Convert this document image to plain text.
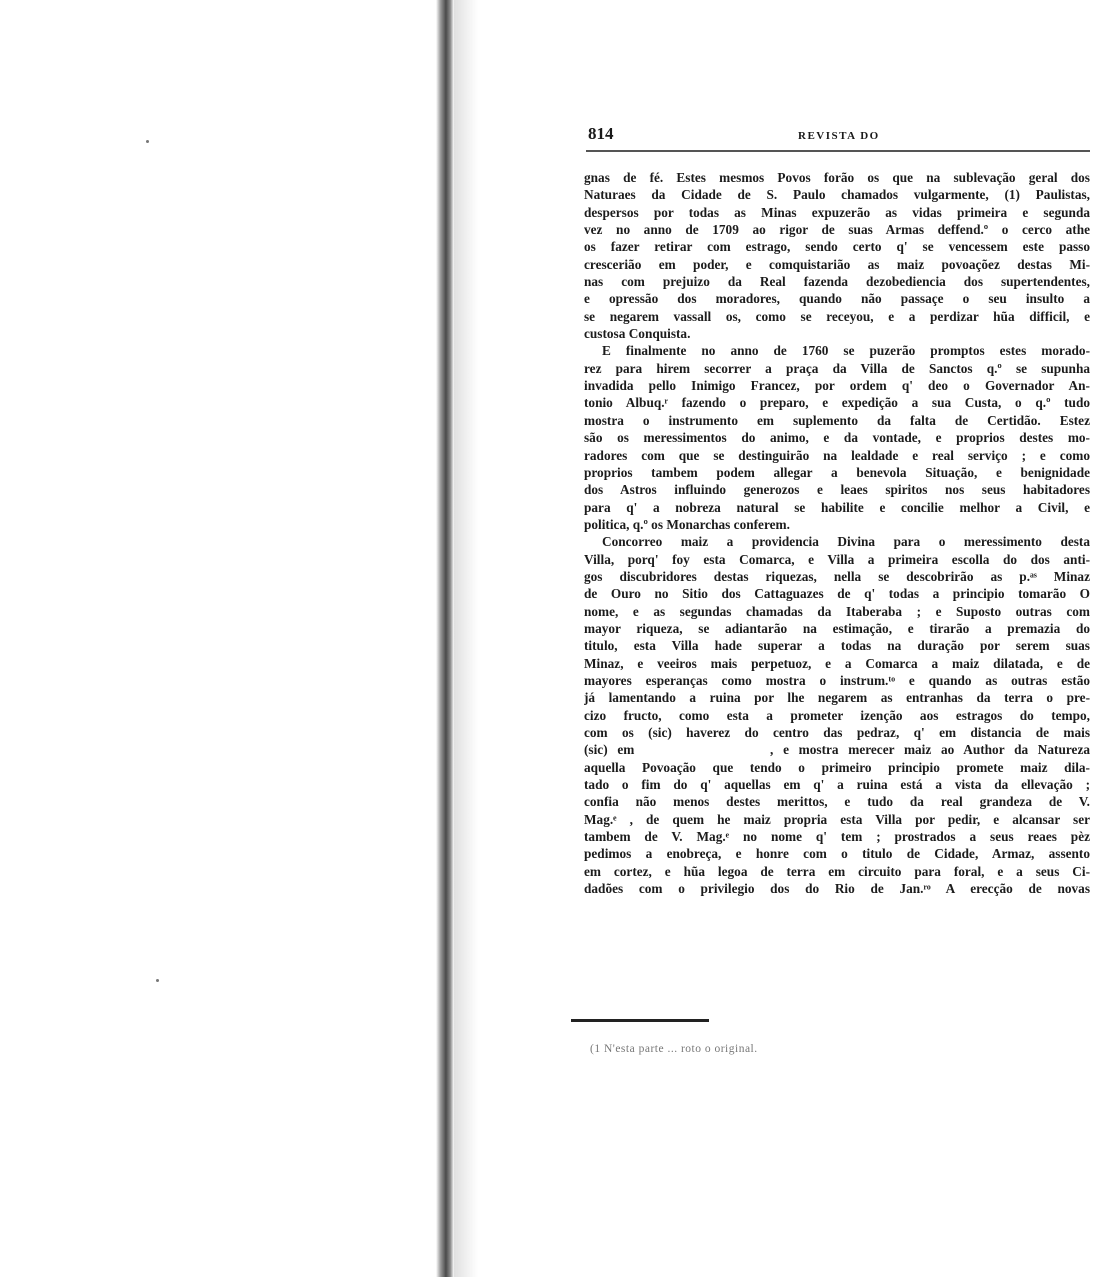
814	REVISTA DO
gnas de fé. Estes mesmos Povos forão os que na sublevação geral dos
Naturaes da Cidade de S. Paulo chamados vulgarmente, (1) Paulistas,
despersos por todas as Minas expuzerão as vidas primeira e segunda
vez no anno de 1709 ao rigor de suas Armas deffend.º o cerco athe
os fazer retirar com estrago, sendo certo q' se vencessem este passo
crescerião em poder, e comquistarião as maiz povoaçõez destas Mi-
nas com prejuizo da Real fazenda dezobediencia dos supertendentes,
e opressão dos moradores, quando não passaçe o seu insulto a
se negarem vassall os, como se receyou, e a perdizar hũa difficil, e
custosa Conquista.
E finalmente no anno de 1760 se puzerão promptos estes morado-
rez para hirem secorrer a praça da Villa de Sanctos q.º se supunha
invadida pello Inimigo Francez, por ordem q' deo o Governador An-
tonio Albuq.ʳ fazendo o preparo, e expedição a sua Custa, o q.º tudo
mostra o instrumento em suplemento da falta de Certidão. Estez
são os meressimentos do animo, e da vontade, e proprios destes mo-
radores com que se destinguirão na lealdade e real serviço ; e como
proprios tambem podem allegar a benevola Situação, e benignidade
dos Astros influindo generozos e leaes spiritos nos seus habitadores
para q' a nobreza natural se habilite e concilie melhor a Civil, e
politica, q.º os Monarchas conferem.
Concorreo maiz a providencia Divina para o meressimento desta
Villa, porq' foy esta Comarca, e Villa a primeira escolla do dos anti-
gos discubridores destas riquezas, nella se descobrirão as p.ᵃˢ Minaz
de Ouro no Sitio dos Cattaguazes de q' todas a principio tomarão O
nome, e as segundas chamadas da Itaberaba ; e Suposto outras com
mayor riqueza, se adiantarão na estimação, e tirarão a premazia do
titulo, esta Villa hade superar a todas na duração por serem suas
Minaz, e veeiros mais perpetuoz, e a Comarca a maiz dilatada, e de
mayores esperanças como mostra o instrum.ᵗᵒ e quando as outras estão
já lamentando a ruina por lhe negarem as entranhas da terra o pre-
cizo fructo, como esta a prometer izenção aos estragos do tempo,
com os (sic) haverez do centro das pedraz, q' em distancia de mais
(sic) em              , e mostra merecer maiz ao Author da Natureza
aquella Povoação que tendo o primeiro principio promete maiz dila-
tado o fim do q' aquellas em q' a ruina está a vista da ellevação ;
confia não menos destes merittos, e tudo da real grandeza de V.
Mag.ᵉ , de quem he maiz propria esta Villa por pedir, e alcansar ser
tambem de V. Mag.ᵉ no nome q' tem ; prostrados a seus reaes pèz
pedimos a enobreça, e honre com o titulo de Cidade, Armaz, assento
em cortez, e hũa legoa de terra em circuito para foral, e a seus Ci-
dadões com o privilegio dos do Rio de Jan.ʳᵒ A erecção de novas
(1 N'esta parte ... roto o original.
